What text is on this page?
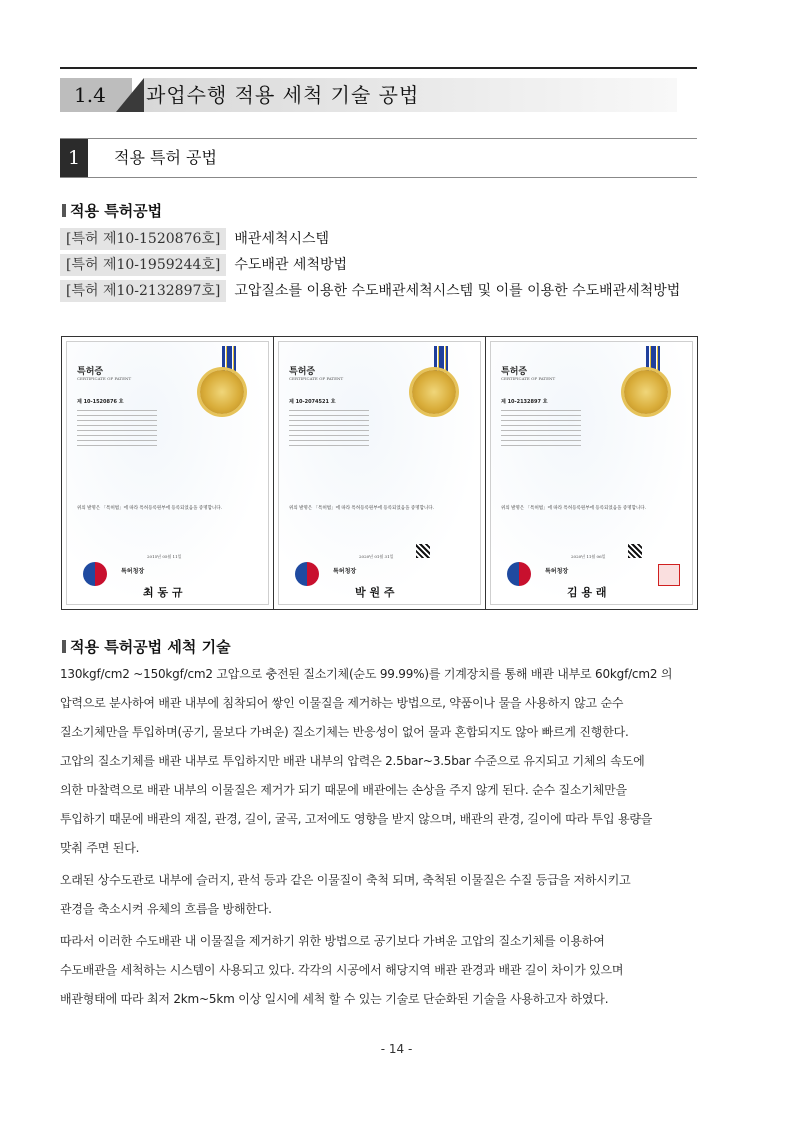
1.4	과업수행 적용 세척 기술 공법
1	적용 특허 공법
적용 특허공법
[특허 제10-1520876호] 배관세척시스템
[특허 제10-1959244호] 수도배관 세척방법
[특허 제10-2132897호] 고압질소를 이용한 수도배관세척시스템 및 이를 이용한 수도배관세척방법
특허증
CERTIFICATE OF PATENT
제 10-1520876 호
위의 발명은 「특허법」에 따라 특허등록원부에 등록되었음을 증명합니다.
2015년 05월 11일
특허청장
최 동 규
특허증
CERTIFICATE OF PATENT
제 10-2074521 호
위의 발명은 「특허법」에 따라 특허등록원부에 등록되었음을 증명합니다.
2020년 01월 31일
특허청장
박 원 주
특허증
CERTIFICATE OF PATENT
제 10-2132897 호
위의 발명은 「특허법」에 따라 특허등록원부에 등록되었음을 증명합니다.
2020년 11월 06일
특허청장
김 용 래
적용 특허공법 세척 기술
130kgf/cm2 ~150kgf/cm2 고압으로 충전된 질소기체(순도 99.99%)를 기계장치를 통해 배관 내부로 60kgf/cm2 의
압력으로 분사하여 배관 내부에 침착되어 쌓인 이물질을 제거하는 방법으로, 약품이나 물을 사용하지 않고 순수
질소기체만을 투입하며(공기, 물보다 가벼운) 질소기체는 반응성이 없어 물과 혼합되지도 않아 빠르게 진행한다.
고압의 질소기체를 배관 내부로 투입하지만 배관 내부의 압력은 2.5bar~3.5bar 수준으로 유지되고 기체의 속도에
의한 마찰력으로 배관 내부의 이물질은 제거가 되기 때문에 배관에는 손상을 주지 않게 된다. 순수 질소기체만을
투입하기 때문에 배관의 재질, 관경, 길이, 굴곡, 고저에도 영향을 받지 않으며, 배관의 관경, 길이에 따라 투입 용량을
맞춰 주면 된다.
오래된 상수도관로 내부에 슬러지, 관석 등과 같은 이물질이 축척 되며, 축척된 이물질은 수질 등급을 저하시키고
관경을 축소시켜 유체의 흐름을 방해한다.
따라서 이러한 수도배관 내 이물질을 제거하기 위한 방법으로 공기보다 가벼운 고압의 질소기체를 이용하여
수도배관을 세척하는 시스템이 사용되고 있다. 각각의 시공에서 해당지역 배관 관경과 배관 길이 차이가 있으며
배관형태에 따라 최저 2km~5km 이상 일시에 세척 할 수 있는 기술로 단순화된 기술을 사용하고자 하였다.
- 14 -
